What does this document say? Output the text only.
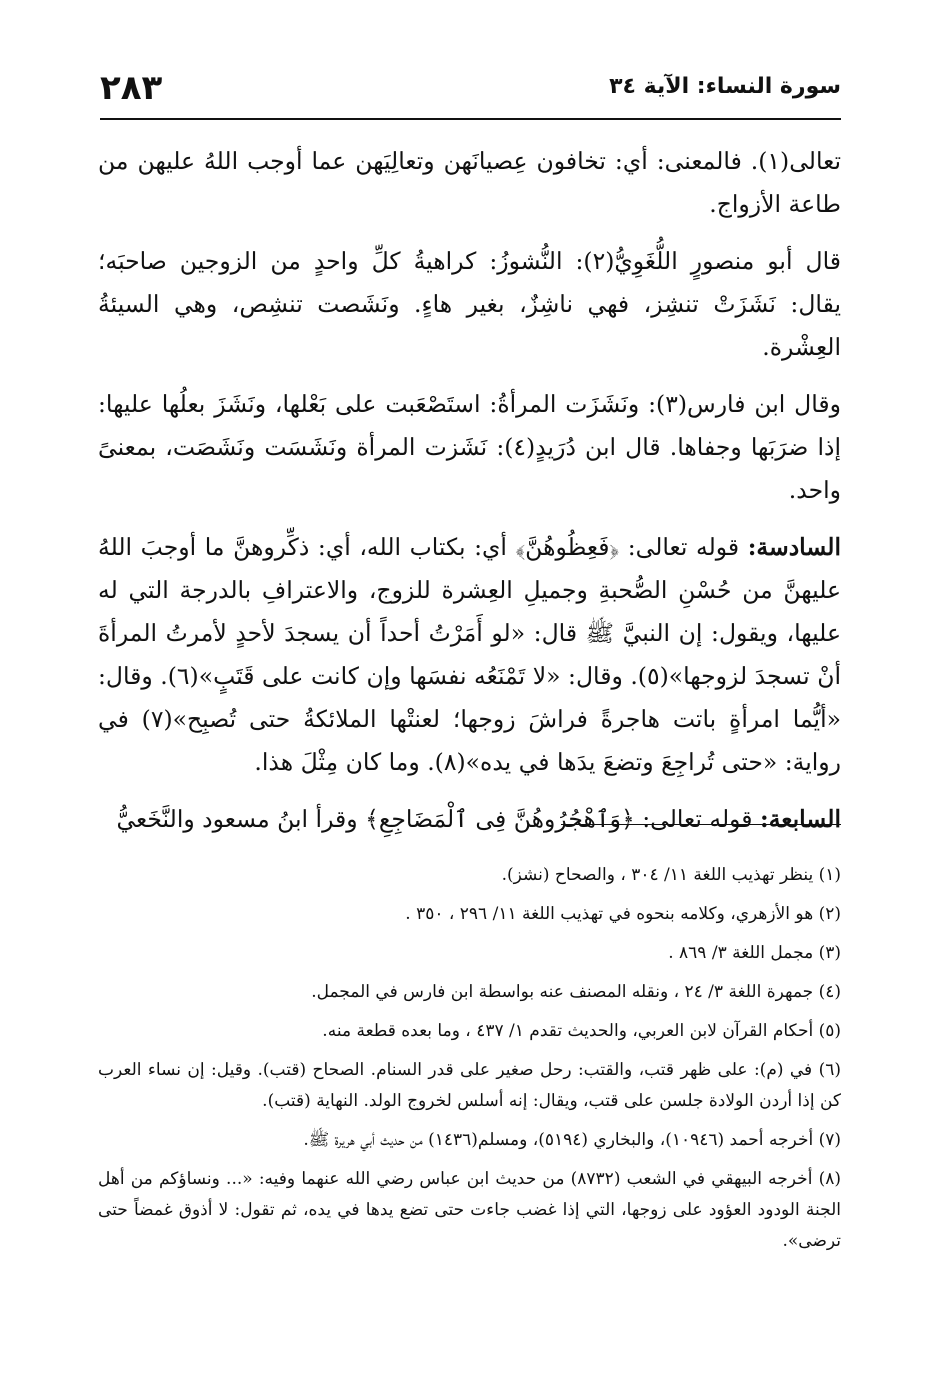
سورة النساء: الآية ٣٤
٢٨٣

تعالى(١). فالمعنى: أي: تخافون عِصيانَهن وتعالِيَهن عما أوجب اللهُ عليهن من طاعة الأزواج.

قال أبو منصورٍ اللُّغَوِيُّ(٢): النُّشوزُ: كراهيةُ كلِّ واحدٍ من الزوجين صاحبَه؛ يقال: نَشَزَتْ تنشِز، فهي ناشِزٌ، بغير هاءٍ. ونَشَصت تنشِص، وهي السيئةُ العِشْرة.

وقال ابن فارس(٣): ونَشَزَت المرأةُ: استَصْعَبت على بَعْلها، ونَشَزَ بعلُها عليها: إذا ضرَبَها وجفاها. قال ابن دُرَيدٍ(٤): نَشَزت المرأة ونَشَسَت ونَشَصَت، بمعنىً واحد.

السادسة: قوله تعالى: ﴿فَعِظُوهُنَّ﴾ أي: بكتاب الله، أي: ذكِّروهنَّ ما أوجبَ اللهُ عليهنَّ من حُسْنِ الصُّحبةِ وجميلِ العِشرة للزوج، والاعترافِ بالدرجة التي له عليها، ويقول: إن النبيَّ ﷺ قال: «لو أَمَرْتُ أحداً أن يسجدَ لأحدٍ لأمرتُ المرأةَ أنْ تسجدَ لزوجها»(٥). وقال: «لا تَمْنَعُه نفسَها وإن كانت على قَتَبٍ»(٦). وقال: «أيُّما امرأةٍ باتت هاجرةً فراشَ زوجها؛ لعنتْها الملائكةُ حتى تُصبِح»(٧) في رواية: «حتى تُراجِعَ وتضعَ يدَها في يده»(٨). وما كان مِثْلَ هذا.

السابعة: قوله تعالى: ﴿وَٱهْجُرُوهُنَّ فِى ٱلْمَضَاجِعِ﴾ وقرأ ابنُ مسعود والنَّخَعيُّ

(١) ينظر تهذيب اللغة ١١/ ٣٠٤ ، والصحاح (نشز).
(٢) هو الأزهري، وكلامه بنحوه في تهذيب اللغة ١١/ ٢٩٦ ، ٣٥٠ .
(٣) مجمل اللغة ٣/ ٨٦٩ .
(٤) جمهرة اللغة ٣/ ٢٤ ، ونقله المصنف عنه بواسطة ابن فارس في المجمل.
(٥) أحكام القرآن لابن العربي، والحديث تقدم ١/ ٤٣٧ ، وما بعده قطعة منه.
(٦) في (م): على ظهر قتب، والقتب: رحل صغير على قدر السنام. الصحاح (قتب). وقيل: إن نساء العرب كن إذا أردن الولادة جلسن على قتب، ويقال: إنه أسلس لخروج الولد. النهاية (قتب).
(٧) أخرجه أحمد (١٠٩٤٦)، والبخاري (٥١٩٤)، ومسلم(١٤٣٦) من حديث أبي هريرة ﷺ.
(٨) أخرجه البيهقي في الشعب (٨٧٣٢) من حديث ابن عباس رضي الله عنهما وفيه: «... ونساؤكم من أهل الجنة الودود العؤود على زوجها، التي إذا غضب جاءت حتى تضع يدها في يده، ثم تقول: لا أذوق غمضاً حتى ترضى».
